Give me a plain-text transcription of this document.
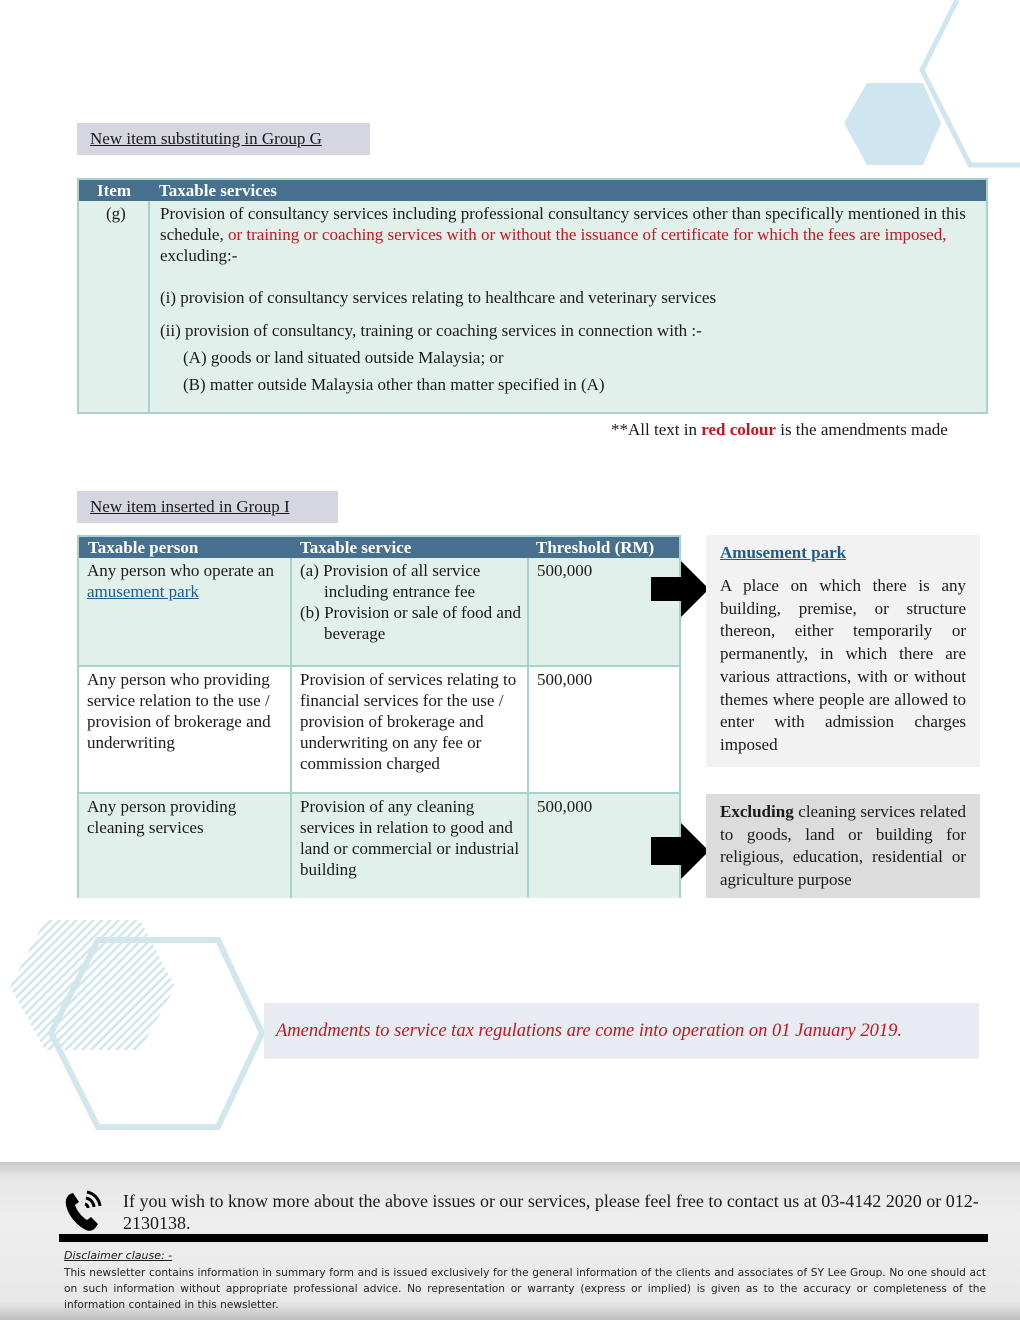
New item substituting in Group G
Item Taxable services
(g) Provision of consultancy services including professional consultancy services other than specifically mentioned in this schedule, or training or coaching services with or without the issuance of certificate for which the fees are imposed, excluding:-

(i) provision of consultancy services relating to healthcare and veterinary services

(ii) provision of consultancy, training or coaching services in connection with :-

(A) goods or land situated outside Malaysia; or

(B) matter outside Malaysia other than matter specified in (A)

**All text in red colour is the amendments made
New item inserted in Group I
Taxable person	Taxable service	Threshold (RM)
Any person who operate an amusement park

(a) Provision of all service including entrance fee

(b) Provision or sale of food and beverage

500,000
Any person who providing service relation to the use / provision of brokerage and underwriting
Provision of services relating to financial services for the use / provision of brokerage and underwriting on any fee or commission charged
500,000
Any person providing cleaning services
Provision of any cleaning services in relation to good and land or commercial or industrial building
500,000
Amusement park
A place on which there is any building, premise, or structure thereon, either temporarily or permanently, in which there are various attractions, with or without themes where people are allowed to enter with admission charges imposed
Excluding cleaning services related to goods, land or building for religious, education, residential or agriculture purpose
Amendments to service tax regulations are come into operation on 01 January 2019.
If you wish to know more about the above issues or our services, please feel free to contact us at 03-4142 2020 or 012-2130138.
Disclaimer clause: -
This newsletter contains information in summary form and is issued exclusively for the general information of the clients and associates of SY Lee Group. No one should act on such information without appropriate professional advice. No representation or warranty (express or implied) is given as to the accuracy or completeness of the information contained in this newsletter.
